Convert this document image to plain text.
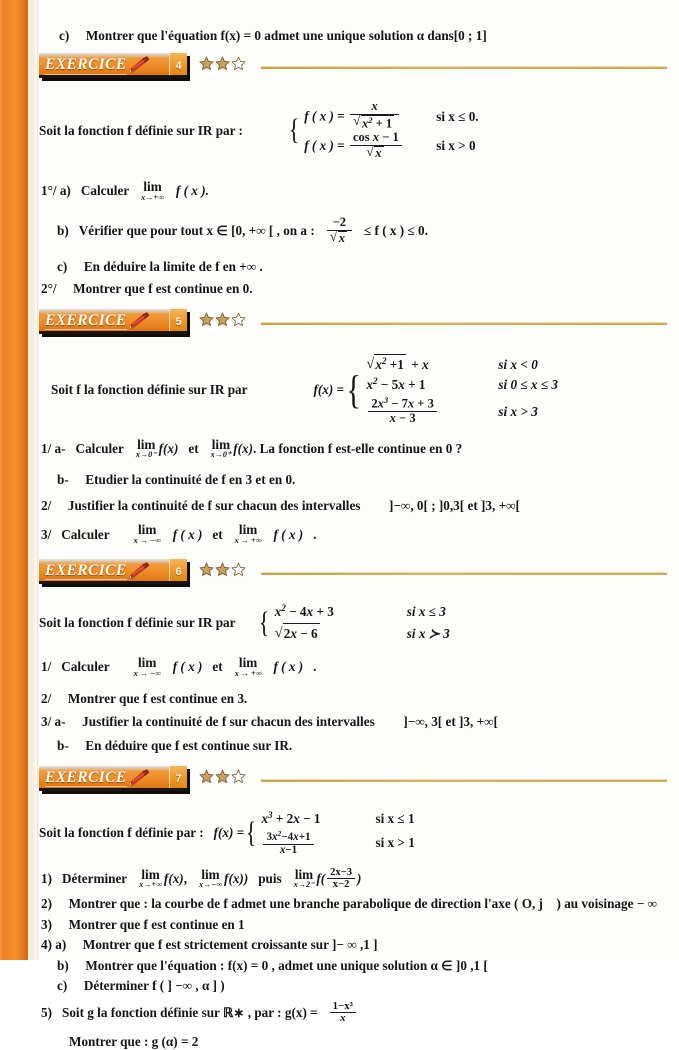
c) Montrer que l'équation f(x) = 0 admet une unique solution α dans[0 ; 1]
EXERCICE	4
Soit la fonction f définie sur IR par : { f ( x ) = x
√ $x^2 + 1$	si x ≤ 0.
f ( x ) = cos x − 1
√ x	si x > 0
1°/ a) Calculer lim
x→+∞ f ( x ).
b) Vérifier que pour tout x ∈ [0, +∞ [ , on a : −2
√ x ≤ f ( x ) ≤ 0.
c) En déduire la limite de f en +∞ .
2°/ Montrer que f est continue en 0.
EXERCICE	5
Soit f la fonction définie sur IR par	f(x) = {
√ $x^2 +1 + x$	si x < 0
$x^2 - 5x + 1$	si 0 ≤ x ≤ 3
$\frac{2x^3 - 7x + 3}{x - 3}$	si x > 3
1/ a- Calculer lim
x→0⁻ f(x) et lim
x→0⁺ f(x) . La fonction f est-elle continue en 0 ?
b- Etudier la continuité de f en 3 et en 0.
2/ Justifier la continuité de f sur chacun des intervalles ]−∞, 0[ ; ]0,3[ et ]3, +∞[
3/ Calculer	lim
x → −∞ f ( x ) et	lim
x → +∞ f ( x ) .
EXERCICE	6
Soit la fonction f définie sur IR par { $x^2 - 4x + 3$	si x ≤ 3
√ 2x − 6	si x ≻ 3
1/ Calculer	lim
x → −∞ f ( x ) et	lim
x → +∞ f ( x ) .
2/ Montrer que f est continue en 3.
3/ a- Justifier la continuité de f sur chacun des intervalles ]−∞, 3[ et ]3, +∞[
b- En déduire que f est continue sur IR.
EXERCICE	7
Soit la fonction f définie par : f(x) = { $x^3 + 2x - 1$	si x ≤ 1
$\frac{3x^2-4x+1}{x-1}$	si x > 1
1) Déterminer lim
x→+∞ f(x) , lim
x→−∞ f(x)) puis lim
x→2⁻ $f( \frac{2x-3}{x-2}$ )
2) Montrer que : la courbe de f admet une branche parabolique de direction l'axe ( O, j⃗ ) au voisinage − ∞
3) Montrer que f est continue en 1
4) a) Montrer que f est strictement croissante sur ]− ∞ ,1 ]
b) Montrer que l'équation : f(x) = 0 , admet une unique solution α ∈ ]0 ,1 [
c) Déterminer f ( ] −∞ , α ] )
5) Soit g la fonction définie sur ℝ∗ , par : $g(x) = \frac{\text{1−x³}}{x}$
Montrer que : g (α) = 2
